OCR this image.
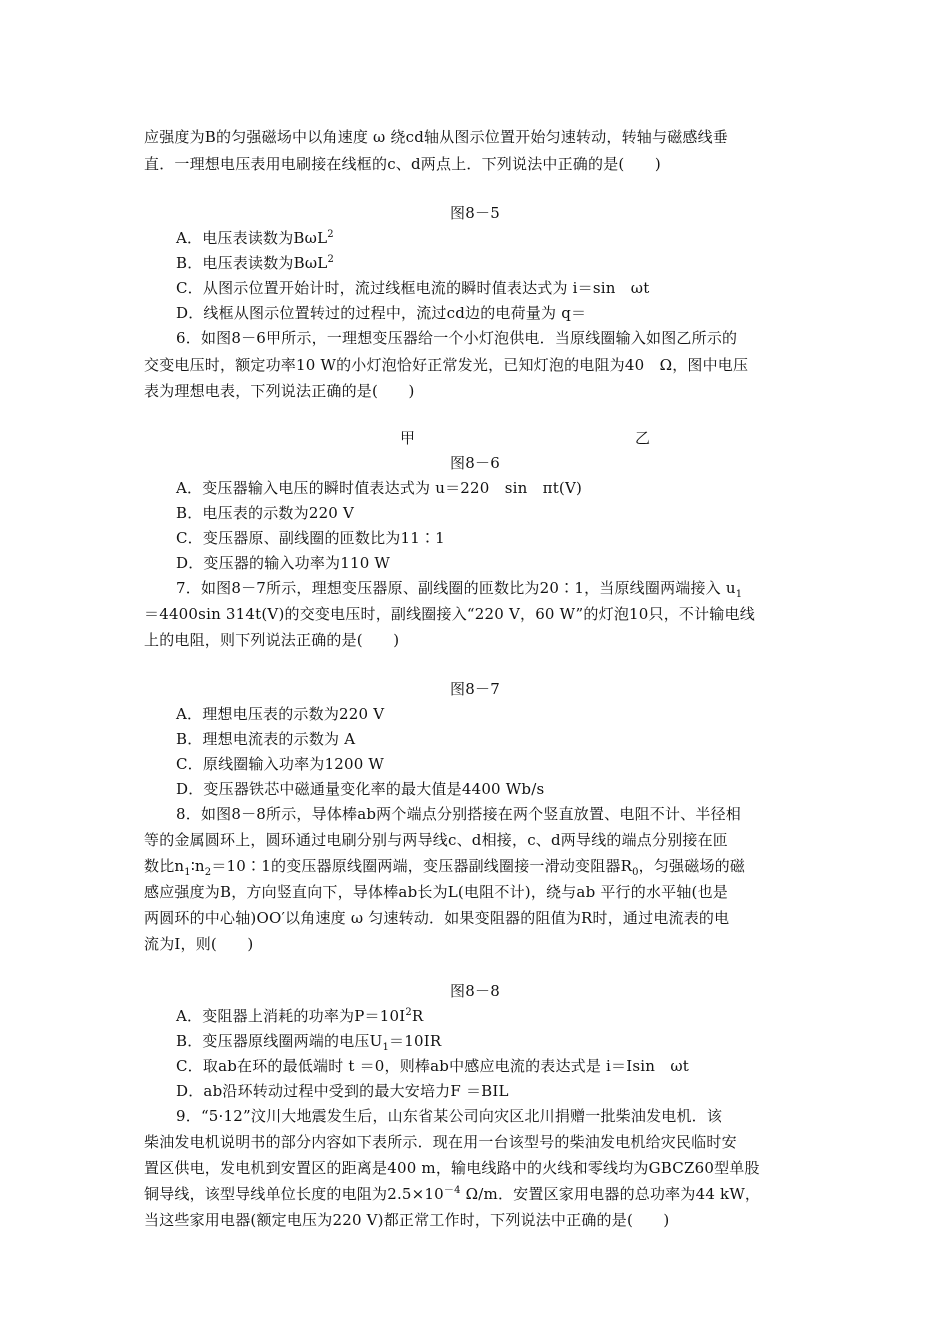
应强度为B的匀强磁场中以角速度 ω 绕cd轴从图示位置开始匀速转动，转轴与磁感线垂
直．一理想电压表用电刷接在线框的c、d两点上．下列说法中正确的是(　　)
图8－5
A．电压表读数为BωL$^2$
B．电压表读数为BωL$^2$
C．从图示位置开始计时，流过线框电流的瞬时值表达式为 i＝sin　ωt
D．线框从图示位置转过的过程中，流过cd边的电荷量为 q＝
6．如图8－6甲所示，一理想变压器给一个小灯泡供电．当原线圈输入如图乙所示的
交变电压时，额定功率10 W的小灯泡恰好正常发光，已知灯泡的电阻为40　Ω，图中电压
表为理想电表，下列说法正确的是(　　)
甲	乙
图8－6
A．变压器输入电压的瞬时值表达式为 u＝220　sin　πt(V)
B．电压表的示数为220 V
C．变压器原、副线圈的匝数比为11∶1
D．变压器的输入功率为110 W
7．如图8－7所示，理想变压器原、副线圈的匝数比为20∶1，当原线圈两端接入 $u_1$
＝4400sin 314t(V)的交变电压时，副线圈接入“220 V，60 W”的灯泡10只，不计输电线
上的电阻，则下列说法正确的是(　　)
图8－7
A．理想电压表的示数为220 V
B．理想电流表的示数为 A
C．原线圈输入功率为1200 W
D．变压器铁芯中磁通量变化率的最大值是4400 Wb/s
8．如图8－8所示，导体棒ab两个端点分别搭接在两个竖直放置、电阻不计、半径相
等的金属圆环上，圆环通过电刷分别与两导线c、d相接，c、d两导线的端点分别接在匝
数比$n_1∶n_2=10∶1$的变压器原线圈两端，变压器副线圈接一滑动变阻器$R_0$，匀强磁场的磁
感应强度为B，方向竖直向下，导体棒ab长为L(电阻不计)，绕与ab 平行的水平轴(也是
两圆环的中心轴)OO′以角速度 ω 匀速转动．如果变阻器的阻值为R时，通过电流表的电
流为I，则(　　)
图8－8
A．变阻器上消耗的功率为$P=10I^2R$
B．变压器原线圈两端的电压$U_1=10IR$
C．取ab在环的最低端时 t ＝0，则棒ab中感应电流的表达式是 i＝Isin　ωt
D．ab沿环转动过程中受到的最大安培力F ＝BIL
9．“5·12”汶川大地震发生后，山东省某公司向灾区北川捐赠一批柴油发电机．该
柴油发电机说明书的部分内容如下表所示．现在用一台该型号的柴油发电机给灾民临时安
置区供电，发电机到安置区的距离是400 m，输电线路中的火线和零线均为GBCZ60型单股
铜导线，该型导线单位长度的电阻为$2.5\times 10^{-4}$ Ω/m．安置区家用电器的总功率为44 kW，
当这些家用电器(额定电压为220 V)都正常工作时，下列说法中正确的是(　　)
